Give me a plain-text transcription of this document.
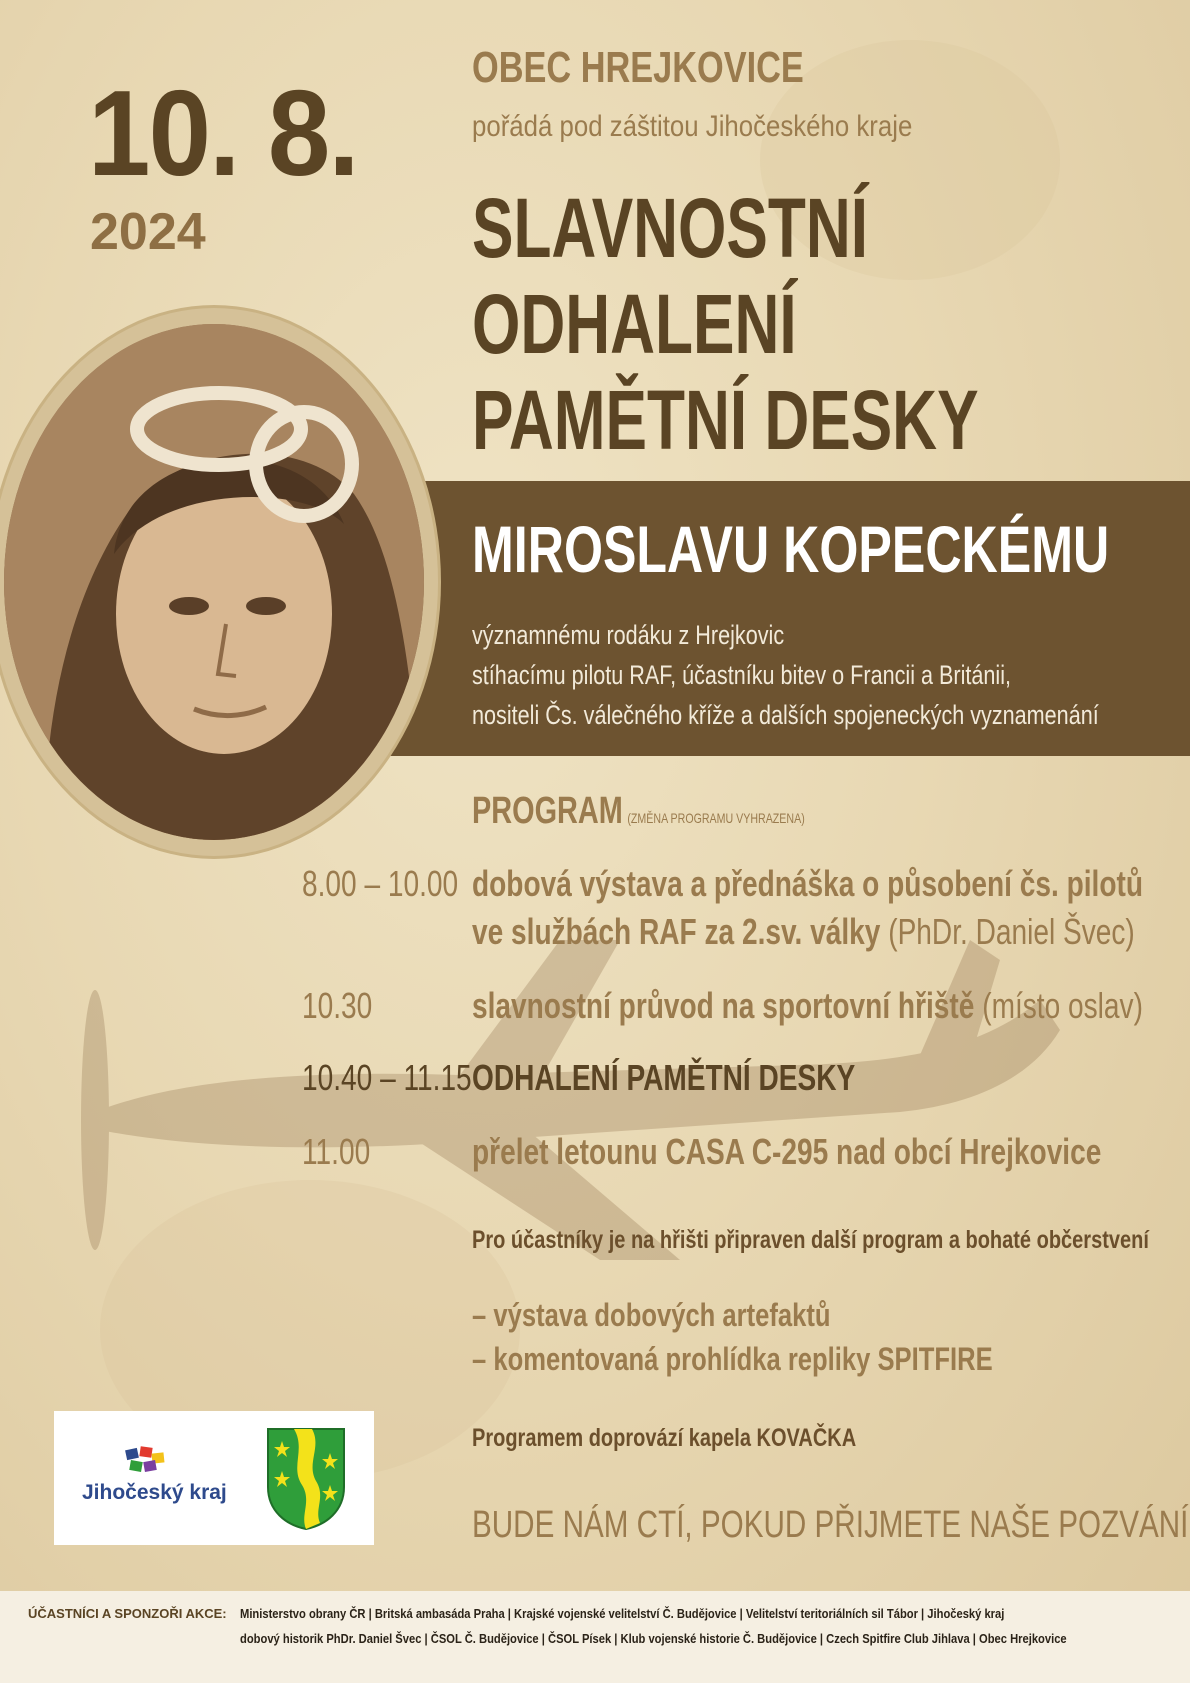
10. 8.
2024
OBEC HREJKOVICE
pořádá pod záštitou Jihočeského kraje
SLAVNOSTNÍ
ODHALENÍ
PAMĚTNÍ DESKY
MIROSLAVU KOPECKÉMU
významnému rodáku z Hrejkovic
stíhacímu pilotu RAF, účastníku bitev o Francii a Británii,
nositeli Čs. válečného kříže a dalších spojeneckých vyznamenání
PROGRAM (ZMĚNA PROGRAMU VYHRAZENA)
8.00 – 10.00 dobová výstava a přednáška o působení čs. pilotů
ve službách RAF za 2.sv. války (PhDr. Daniel Švec)
10.30	slavnostní průvod na sportovní hřiště (místo oslav)
10.40 – 11.15 ODHALENÍ PAMĚTNÍ DESKY
11.00	přelet letounu CASA C-295 nad obcí Hrejkovice
Pro účastníky je na hřišti připraven další program a bohaté občerstvení
– výstava dobových artefaktů
– komentovaná prohlídka repliky SPITFIRE
Programem doprovází kapela KOVAČKA
BUDE NÁM CTÍ, POKUD PŘIJMETE NAŠE POZVÁNÍ
Jihočeský kraj
ÚČASTNÍCI A SPONZOŘI AKCE: Ministerstvo obrany ČR | Britská ambasáda Praha | Krajské vojenské velitelství Č. Budějovice | Velitelství teritoriálních sil Tábor | Jihočeský kraj
dobový historik PhDr. Daniel Švec | ČSOL Č. Budějovice | ČSOL Písek | Klub vojenské historie Č. Budějovice | Czech Spitfire Club Jihlava | Obec Hrejkovice
